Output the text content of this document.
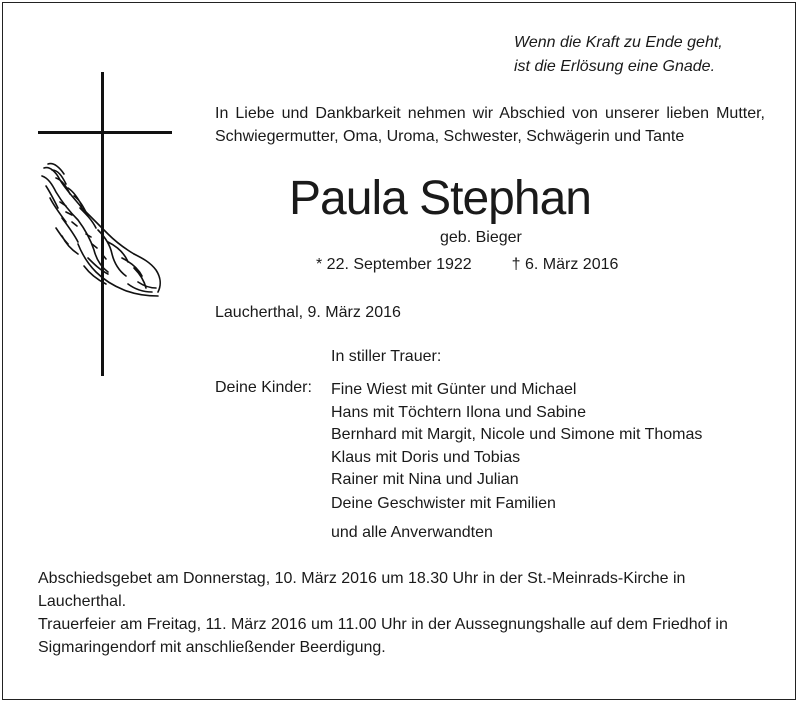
Wenn die Kraft zu Ende geht,
ist die Erlösung eine Gnade.
In Liebe und Dankbarkeit nehmen wir Abschied von unserer lieben Mutter, Schwiegermutter, Oma, Uroma, Schwester, Schwägerin und Tante
Paula Stephan
geb. Bieger
* 22. September 1922	† 6. März 2016
Laucherthal, 9. März 2016
In stiller Trauer:
Deine Kinder: Fine Wiest mit Günter und Michael
Hans mit Töchtern Ilona und Sabine
Bernhard mit Margit, Nicole und Simone mit Thomas
Klaus mit Doris und Tobias
Rainer mit Nina und Julian
Deine Geschwister mit Familien
und alle Anverwandten

Abschiedsgebet am Donnerstag, 10. März 2016 um 18.30 Uhr in der St.-Meinrads-Kirche in Laucherthal.

Trauerfeier am Freitag, 11. März 2016 um 11.00 Uhr in der Aussegnungshalle auf dem Friedhof in Sigmaringendorf mit anschließender Beerdigung.
